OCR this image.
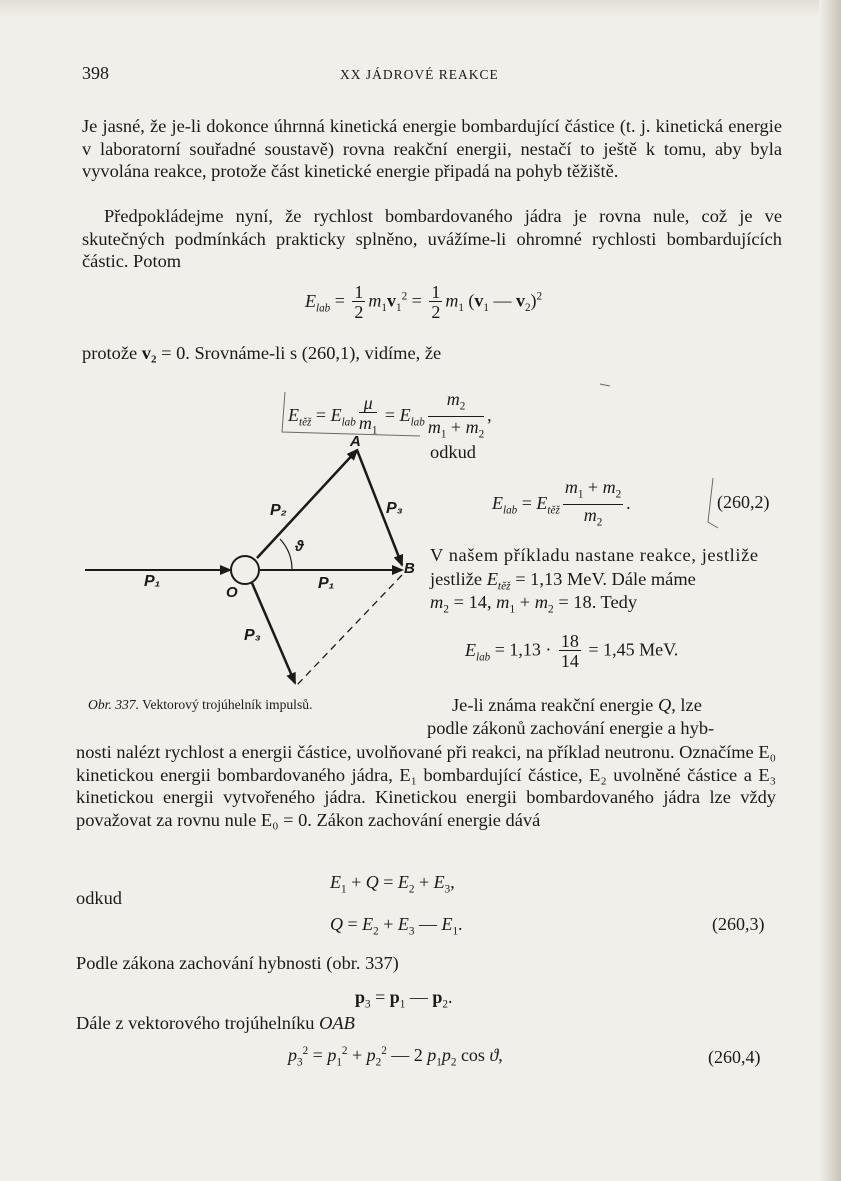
398	XX JÁDROVÉ REAKCE

Je jasné, že je-li dokonce úhrnná kinetická energie bombardující částice (t. j. kinetická energie v laboratorní souřadné soustavě) rovna reakční energii, nestačí to ještě k tomu, aby byla vyvolána reakce, protože část kinetické energie připadá na pohyb těžiště.

Předpokládejme nyní, že rychlost bombardovaného jádra je rovna nule, což je ve skutečných podmínkách prakticky splněno, uvážíme-li ohromné rychlosti bombardujících částic. Potom

$E_{lab} = \frac{1}{2} m_1v_1^2 = \frac{1}{2} m_1$ ($v_1$ — $v_2)^2$
protože v₂ = 0. Srovnáme-li s (260,1), vidíme, že
$E_{těž} = E_{lab} \frac{\mu}{m_1} = E_{lab} \frac{m_2}{m_1 + m_2}$ ,
odkud
$E_{lab} = E_{těž} \frac{m_1 + m_2}{m_2}$ .	(260,2)
V našem příkladu nastane reakce, jestliže
jestliže $E_{těž} = 1,13$ MeV. Dále máme
$m_2 = 14$, $m_1 + m_2 = 18$. Tedy
$E_{lab} = 1,13 \cdot \frac{18}{14} = 1,45$ MeV.
A
B
O
P₁	P₁
P₂	P₃
P₃
ϑ
Obr. 337. Vektorový trojúhelník impulsů.	Je-li známa reakční energie Q, lze
podle zákonů zachování energie a hyb-

nosti nalézt rychlost a energii částice, uvolňované při reakci, na příklad neutronu. Označíme E₀ kinetickou energii bombardovaného jádra, E₁ bombardující částice, E₂ uvolněné částice a E₃ kinetickou energii vytvořeného jádra. Kinetickou energii bombardovaného jádra lze vždy považovat za rovnu nule E₀ = 0. Zákon zachování energie dává

$E_1 + Q = E_2 + E_3$,
odkud
$Q = E_2 + E_3$ — $E_1$.	(260,3)
Podle zákona zachování hybnosti (obr. 337)
$p_3 = p_1$ — $p_2$.
Dále z vektorového trojúhelníku OAB
$p_3^2 = p_1^2 + p_2^2$ — 2 $p_1p_2$ cos ϑ,	(260,4)
